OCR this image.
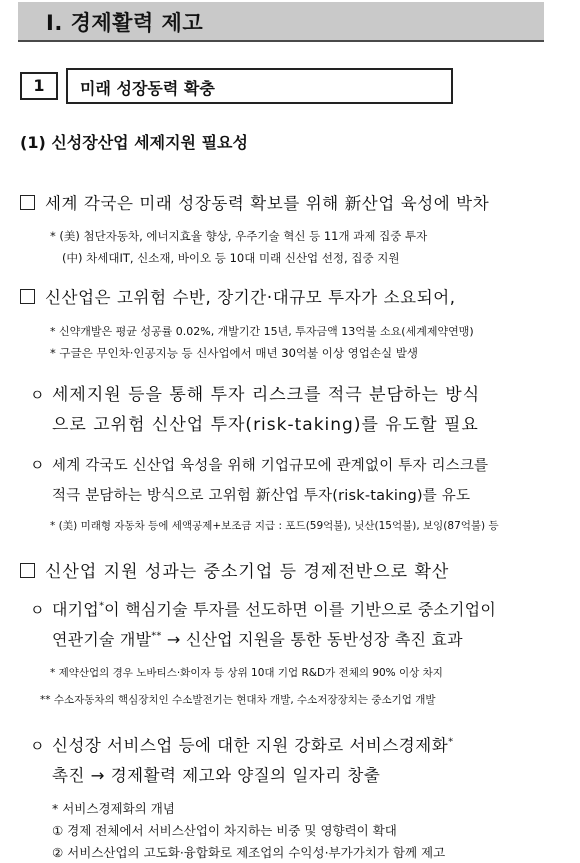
Ⅰ. 경제활력 제고
1	미래 성장동력 확충
(1) 신성장산업 세제지원 필요성
세계 각국은 미래 성장동력 확보를 위해 新산업 육성에 박차
* (美) 첨단자동차, 에너지효율 향상, 우주기술 혁신 등 11개 과제 집중 투자
(中) 차세대IT, 신소재, 바이오 등 10대 미래 신산업 선정, 집중 지원
신산업은 고위험 수반, 장기간·대규모 투자가 소요되어,
* 신약개발은 평균 성공률 0.02%, 개발기간 15년, 투자금액 13억불 소요(세계제약연맹)
* 구글은 무인차·인공지능 등 신사업에서 매년 30억불 이상 영업손실 발생
ㅇ 세제지원 등을 통해 투자 리스크를 적극 분담하는 방식
으로 고위험 신산업 투자(risk-taking)를 유도할 필요
ㅇ 세계 각국도 신산업 육성을 위해 기업규모에 관계없이 투자 리스크를
적극 분담하는 방식으로 고위험 新산업 투자(risk-taking)를 유도
* (美) 미래형 자동차 등에 세액공제+보조금 지급 : 포드(59억불), 닛산(15억불), 보잉(87억불) 등
신산업 지원 성과는 중소기업 등 경제전반으로 확산
ㅇ 대기업*이 핵심기술 투자를 선도하면 이를 기반으로 중소기업이
연관기술 개발** → 신산업 지원을 통한 동반성장 촉진 효과
* 제약산업의 경우 노바티스·화이자 등 상위 10대 기업 R&D가 전체의 90% 이상 차지
** 수소자동차의 핵심장치인 수소발전기는 현대차 개발, 수소저장장치는 중소기업 개발
ㅇ 신성장 서비스업 등에 대한 지원 강화로 서비스경제화*
촉진 → 경제활력 제고와 양질의 일자리 창출
* 서비스경제화의 개념
① 경제 전체에서 서비스산업이 차지하는 비중 및 영향력이 확대
② 서비스산업의 고도화·융합화로 제조업의 수익성·부가가치가 함께 제고
